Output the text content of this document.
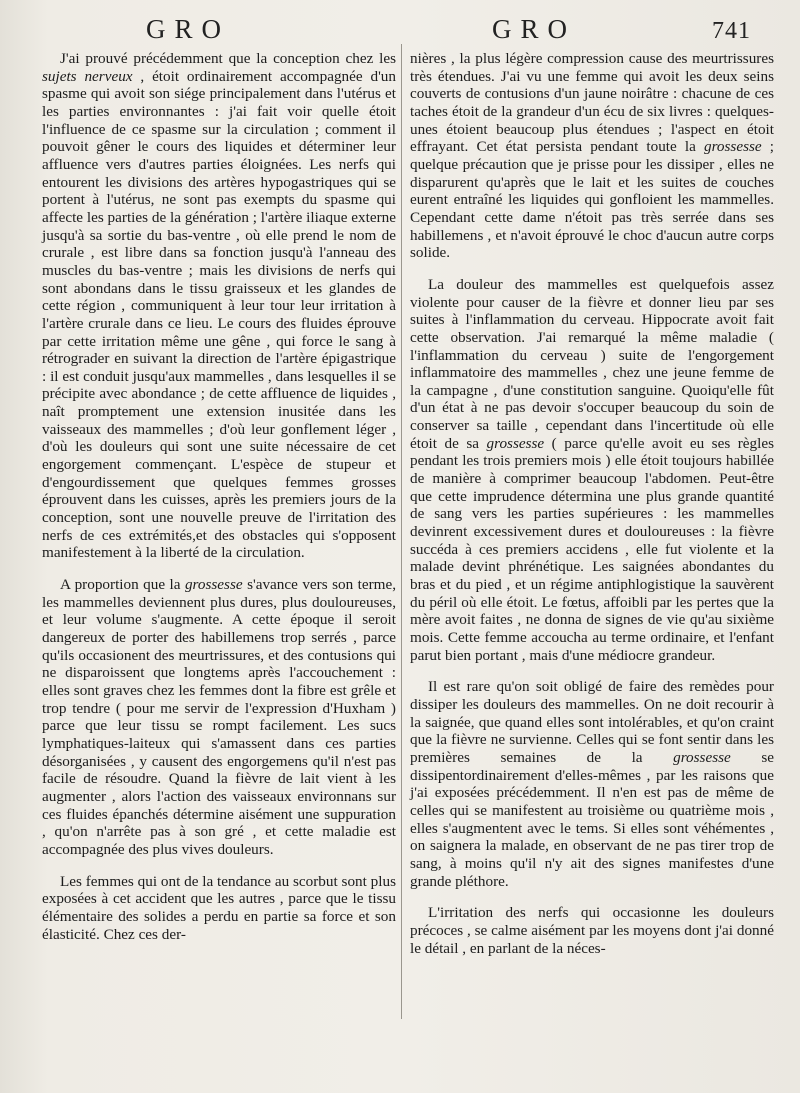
GRO	GRO	741

J'ai prouvé précédemment que la conception chez les sujets nerveux , étoit ordinairement accompagnée d'un spasme qui avoit son siége principalement dans l'utérus et les parties environnantes : j'ai fait voir quelle étoit l'influence de ce spasme sur la circulation ; comment il pouvoit gêner le cours des liquides et déterminer leur affluence vers d'autres parties éloignées. Les nerfs qui entourent les divisions des artères hypogastriques qui se portent à l'utérus, ne sont pas exempts du spasme qui affecte les parties de la génération ; l'artère iliaque externe jusqu'à sa sortie du bas-ventre , où elle prend le nom de crurale , est libre dans sa fonction jusqu'à l'anneau des muscles du bas-ventre ; mais les divisions de nerfs qui sont abondans dans le tissu graisseux et les glandes de cette région , communiquent à leur tour leur irritation à l'artère crurale dans ce lieu. Le cours des fluides éprouve par cette irritation même une gêne , qui force le sang à rétrograder en suivant la direction de l'artère épigastrique : il est conduit jusqu'aux mammelles , dans lesquelles il se précipite avec abondance ; de cette affluence de liquides , naît promptement une extension inusitée dans les vaisseaux des mammelles ; d'où leur gonflement léger , d'où les douleurs qui sont une suite nécessaire de cet engorgement commençant. L'espèce de stupeur et d'engourdissement que quelques femmes grosses éprouvent dans les cuisses, après les premiers jours de la conception, sont une nouvelle preuve de l'irritation des nerfs de ces extrémités,et des obstacles qui s'opposent manifestement à la liberté de la circulation.

A proportion que la grossesse s'avance vers son terme, les mammelles deviennent plus dures, plus douloureuses, et leur volume s'augmente. A cette époque il seroit dangereux de porter des habillemens trop serrés , parce qu'ils occasionent des meurtrissures, et des contusions qui ne disparoissent que longtems après l'accouchement : elles sont graves chez les femmes dont la fibre est grêle et trop tendre ( pour me servir de l'expression d'Huxham ) parce que leur tissu se rompt facilement. Les sucs lymphatiques-laiteux qui s'amassent dans ces parties désorganisées , y causent des engorgemens qu'il n'est pas facile de résoudre. Quand la fièvre de lait vient à les augmenter , alors l'action des vaisseaux environnans sur ces fluides épanchés détermine aisément une suppuration , qu'on n'arrête pas à son gré , et cette maladie est accompagnée des plus vives douleurs.

Les femmes qui ont de la tendance au scorbut sont plus exposées à cet accident que les autres , parce que le tissu élémentaire des solides a perdu en partie sa force et son élasticité. Chez ces der-

nières , la plus légère compression cause des meurtrissures très étendues. J'ai vu une femme qui avoit les deux seins couverts de contusions d'un jaune noirâtre : chacune de ces taches étoit de la grandeur d'un écu de six livres : quelques-unes étoient beaucoup plus étendues ; l'aspect en étoit effrayant. Cet état persista pendant toute la grossesse ; quelque précaution que je prisse pour les dissiper , elles ne disparurent qu'après que le lait et les suites de couches eurent entraîné les liquides qui gonfloient les mammelles. Cependant cette dame n'étoit pas très serrée dans ses habillemens , et n'avoit éprouvé le choc d'aucun autre corps solide.

La douleur des mammelles est quelquefois assez violente pour causer de la fièvre et donner lieu par ses suites à l'inflammation du cerveau. Hippocrate avoit fait cette observation. J'ai remarqué la même maladie ( l'inflammation du cerveau ) suite de l'engorgement inflammatoire des mammelles , chez une jeune femme de la campagne , d'une constitution sanguine. Quoiqu'elle fût d'un état à ne pas devoir s'occuper beaucoup du soin de conserver sa taille , cependant dans l'incertitude où elle étoit de sa grossesse ( parce qu'elle avoit eu ses règles pendant les trois premiers mois ) elle étoit toujours habillée de manière à comprimer beaucoup l'abdomen. Peut-être que cette imprudence détermina une plus grande quantité de sang vers les parties supérieures : les mammelles devinrent excessivement dures et douloureuses : la fièvre succéda à ces premiers accidens , elle fut violente et la malade devint phrénétique. Les saignées abondantes du bras et du pied , et un régime antiphlogistique la sauvèrent du péril où elle étoit. Le fœtus, affoibli par les pertes que la mère avoit faites , ne donna de signes de vie qu'au sixième mois. Cette femme accoucha au terme ordinaire, et l'enfant parut bien portant , mais d'une médiocre grandeur.

Il est rare qu'on soit obligé de faire des remèdes pour dissiper les douleurs des mammelles. On ne doit recourir à la saignée, que quand elles sont intolérables, et qu'on craint que la fièvre ne survienne. Celles qui se font sentir dans les premières semaines de la grossesse se dissipentordinairement d'elles-mêmes , par les raisons que j'ai exposées précédemment. Il n'en est pas de même de celles qui se manifestent au troisième ou quatrième mois , elles s'augmentent avec le tems. Si elles sont véhémentes , on saignera la malade, en observant de ne pas tirer trop de sang, à moins qu'il n'y ait des signes manifestes d'une grande pléthore.

L'irritation des nerfs qui occasionne les douleurs précoces , se calme aisément par les moyens dont j'ai donné le détail , en parlant de la néces-
